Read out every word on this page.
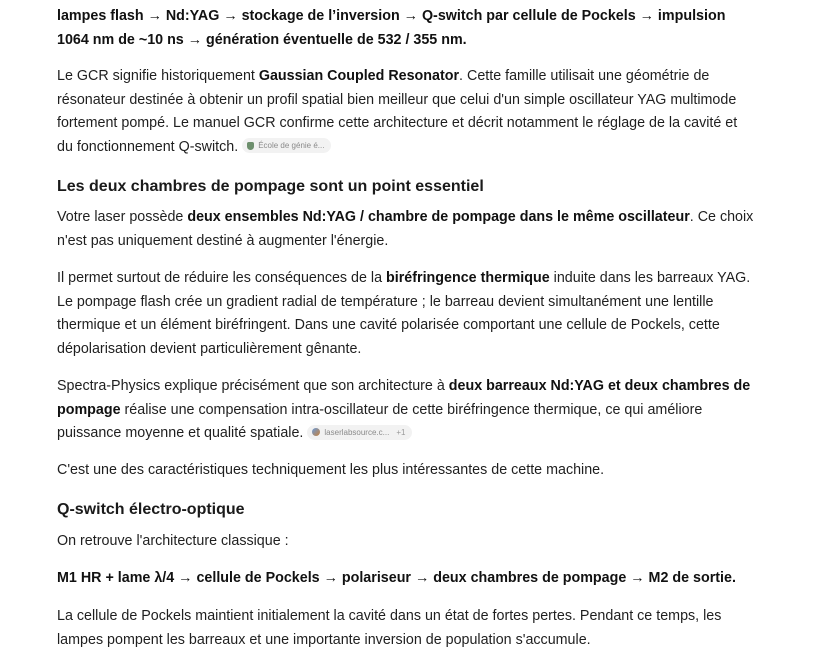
lampes flash → Nd:YAG → stockage de l’inversion → Q-switch par cellule de Pockels → impulsion 1064 nm de ~10 ns → génération éventuelle de 532 / 355 nm.

Le GCR signifie historiquement Gaussian Coupled Resonator. Cette famille utilisait une géométrie de résonateur destinée à obtenir un profil spatial bien meilleur que celui d'un simple oscillateur YAG multimode fortement pompé. Le manuel GCR confirme cette architecture et décrit notamment le réglage de la cavité et du fonctionnement Q-switch.	École de génie é...

Les deux chambres de pompage sont un point essentiel

Votre laser possède deux ensembles Nd:YAG / chambre de pompage dans le même oscillateur. Ce choix n'est pas uniquement destiné à augmenter l'énergie.

Il permet surtout de réduire les conséquences de la biréfringence thermique induite dans les barreaux YAG. Le pompage flash crée un gradient radial de température ; le barreau devient simultanément une lentille thermique et un élément biréfringent. Dans une cavité polarisée comportant une cellule de Pockels, cette dépolarisation devient particulièrement gênante.

Spectra-Physics explique précisément que son architecture à deux barreaux Nd:YAG et deux chambres de pompage réalise une compensation intra-oscillateur de cette biréfringence thermique, ce qui améliore puissance moyenne et qualité spatiale.	laserlabsource.c... +1

C'est une des caractéristiques techniquement les plus intéressantes de cette machine.

Q-switch électro-optique

On retrouve l'architecture classique :

M1 HR + lame λ/4 → cellule de Pockels → polariseur → deux chambres de pompage → M2 de sortie.

La cellule de Pockels maintient initialement la cavité dans un état de fortes pertes. Pendant ce temps, les lampes pompent les barreaux et une importante inversion de population s'accumule.
